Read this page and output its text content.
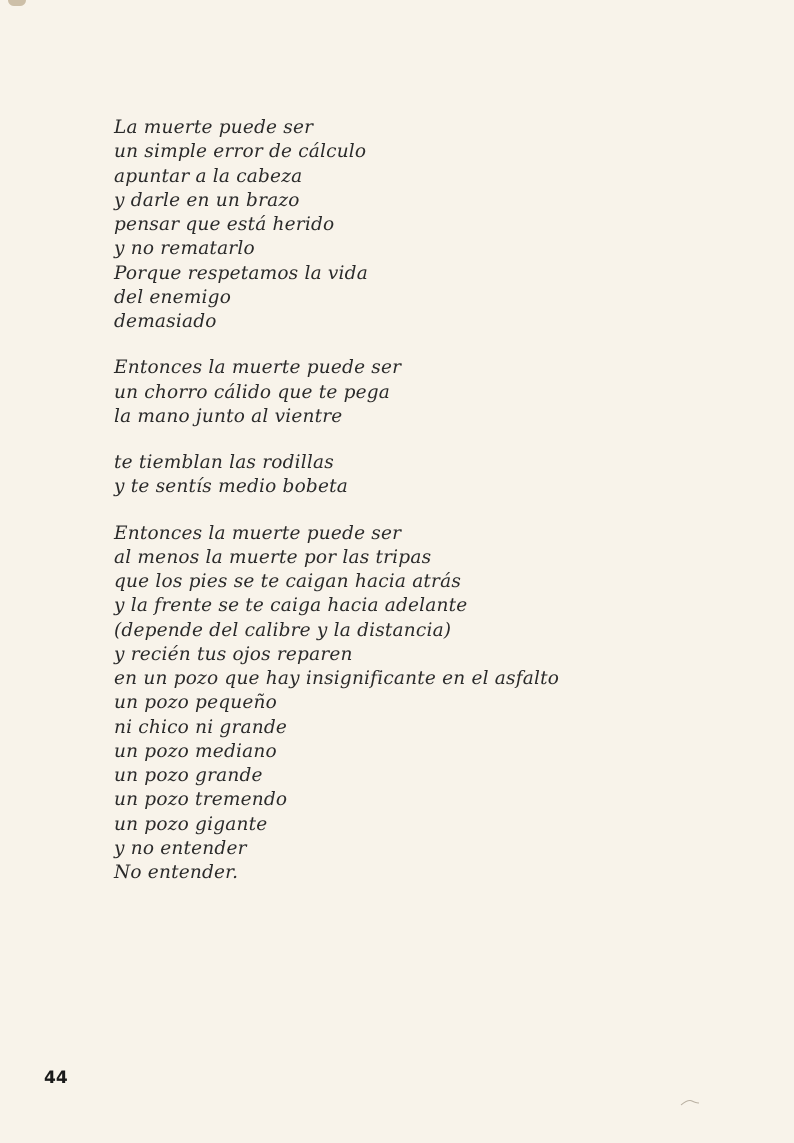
La muerte puede ser
un simple error de cálculo
apuntar a la cabeza
y darle en un brazo
pensar que está herido
y no rematarlo
Porque respetamos la vida
del enemigo
demasiado
Entonces la muerte puede ser
un chorro cálido que te pega
la mano junto al vientre
te tiemblan las rodillas
y te sentís medio bobeta
Entonces la muerte puede ser
al menos la muerte por las tripas
que los pies se te caigan hacia atrás
y la frente se te caiga hacia adelante
(depende del calibre y la distancia)
y recién tus ojos reparen
en un pozo que hay insignificante en el asfalto
un pozo pequeño
ni chico ni grande
un pozo mediano
un pozo grande
un pozo tremendo
un pozo gigante
y no entender
No entender.
44
